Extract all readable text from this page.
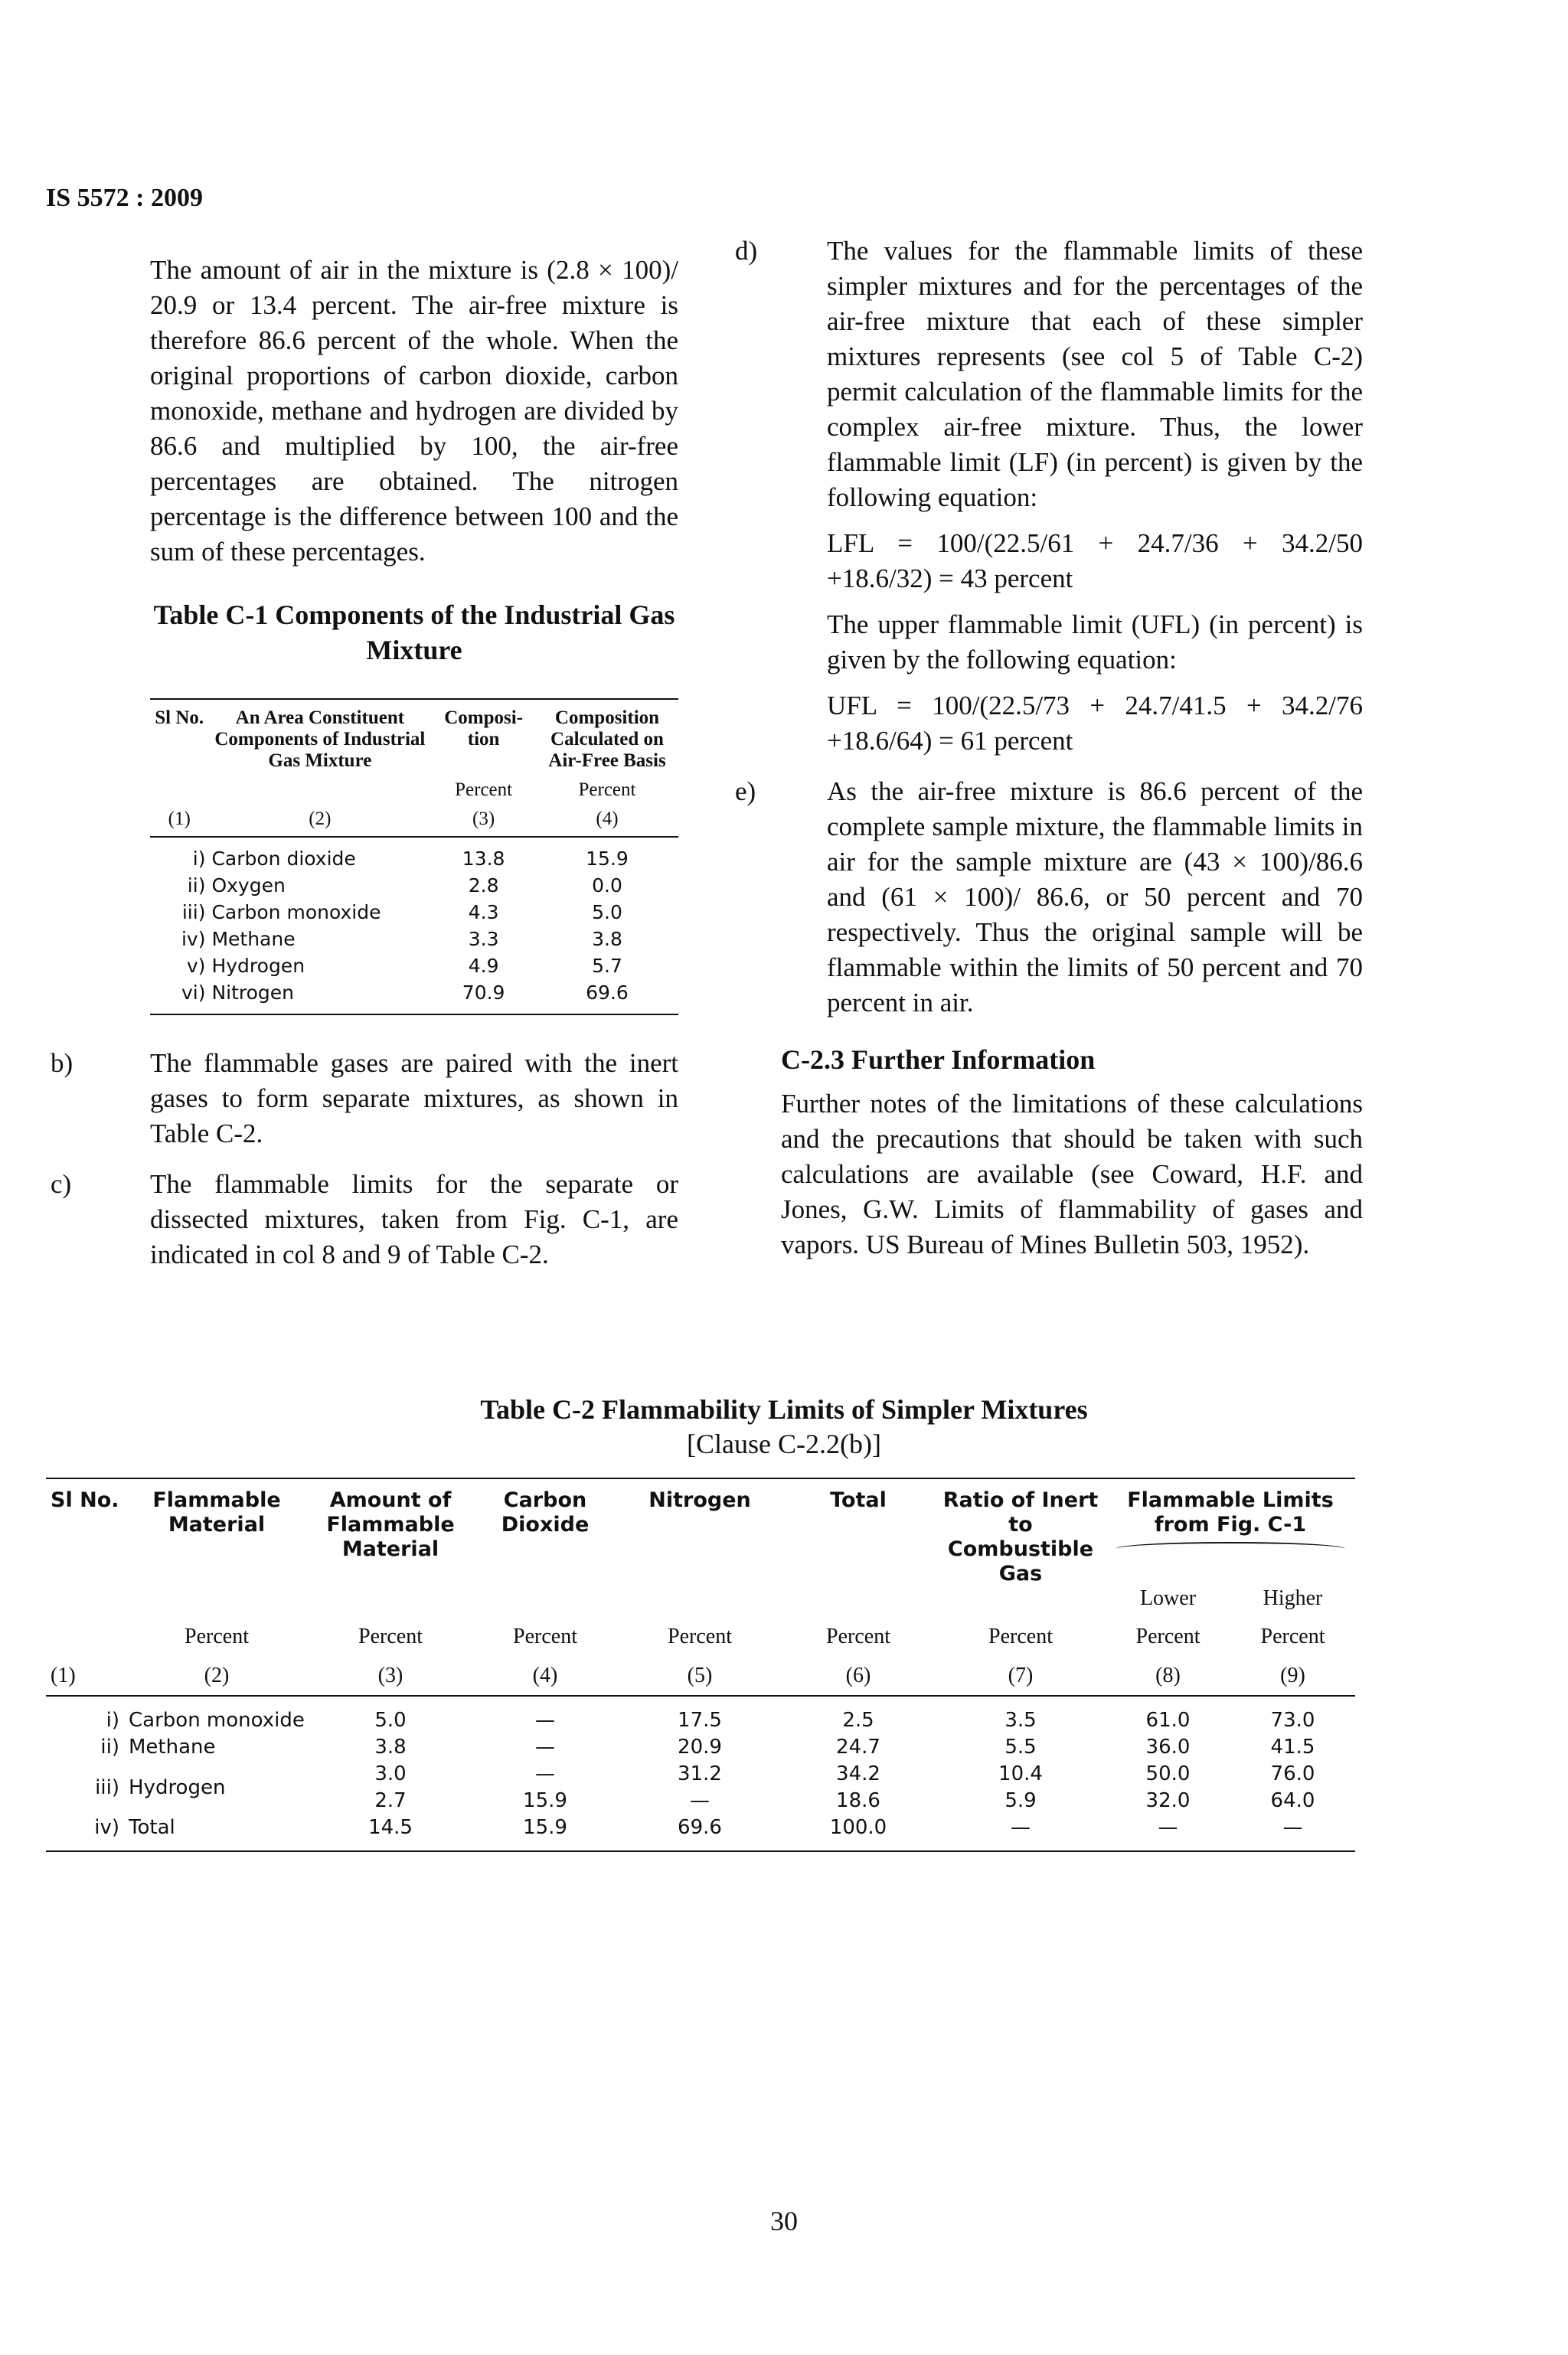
IS 5572 : 2009

The amount of air in the mixture is (2.8 × 100)/ 20.9 or 13.4 percent. The air-free mixture is therefore 86.6 percent of the whole. When the original proportions of carbon dioxide, carbon monoxide, methane and hydrogen are divided by 86.6 and multiplied by 100, the air-free percentages are obtained. The nitrogen percentage is the difference between 100 and the sum of these percentages.

Table C-1 Components of the Industrial Gas Mixture
Sl No.	An Area Constituent Components of Industrial Gas Mixture	Composi- tion	Composition Calculated on Air-Free Basis
		Percent	Percent
(1)	(2)	(3)	(4)
i)	Carbon dioxide	13.8	15.9
ii)	Oxygen	2.8	0.0
iii)	Carbon monoxide	4.3	5.0
iv)	Methane	3.3	3.8
v)	Hydrogen	4.9	5.7
vi)	Nitrogen	70.9	69.6
b)	The flammable gases are paired with the inert gases to form separate mixtures, as shown in Table C-2.
c)	The flammable limits for the separate or dissected mixtures, taken from Fig. C-1, are indicated in col 8 and 9 of Table C-2.
d)	The values for the flammable limits of these simpler mixtures and for the percentages of the air-free mixture that each of these simpler mixtures represents (see col 5 of Table C-2) permit calculation of the flammable limits for the complex air-free mixture. Thus, the lower flammable limit (LF) (in percent) is given by the following equation:
LFL = 100/(22.5/61 + 24.7/36 + 34.2/50 +18.6/32) = 43 percent
The upper flammable limit (UFL) (in percent) is given by the following equation:
UFL = 100/(22.5/73 + 24.7/41.5 + 34.2/76 +18.6/64) = 61 percent
e)	As the air-free mixture is 86.6 percent of the complete sample mixture, the flammable limits in air for the sample mixture are (43 × 100)/86.6 and (61 × 100)/ 86.6, or 50 percent and 70 respectively. Thus the original sample will be flammable within the limits of 50 percent and 70 percent in air.
C-2.3 Further Information

Further notes of the limitations of these calculations and the precautions that should be taken with such calculations are available (see Coward, H.F. and Jones, G.W. Limits of flammability of gases and vapors. US Bureau of Mines Bulletin 503, 1952).

Table C-2 Flammability Limits of Simpler Mixtures
[Clause C-2.2(b)]
Sl No.	Flammable Material	Amount of Flammable Material	Carbon Dioxide	Nitrogen	Total	Ratio of Inert to Combustible Gas	Flammable Limits from Fig. C-1	

							Lower	Higher
	Percent	Percent	Percent	Percent	Percent	Percent	Percent	Percent
(1)	(2)	(3)	(4)	(5)	(6)	(7)	(8)	(9)
i)	Carbon monoxide	5.0	—	17.5	2.5	3.5	61.0	73.0
ii)	Methane	3.8	—	20.9	24.7	5.5	36.0	41.5
iii)	Hydrogen	3.0	—	31.2	34.2	10.4	50.0	76.0
		2.7	15.9	—	18.6	5.9	32.0	64.0
iv)	Total	14.5	15.9	69.6	100.0	—	—	—
30
